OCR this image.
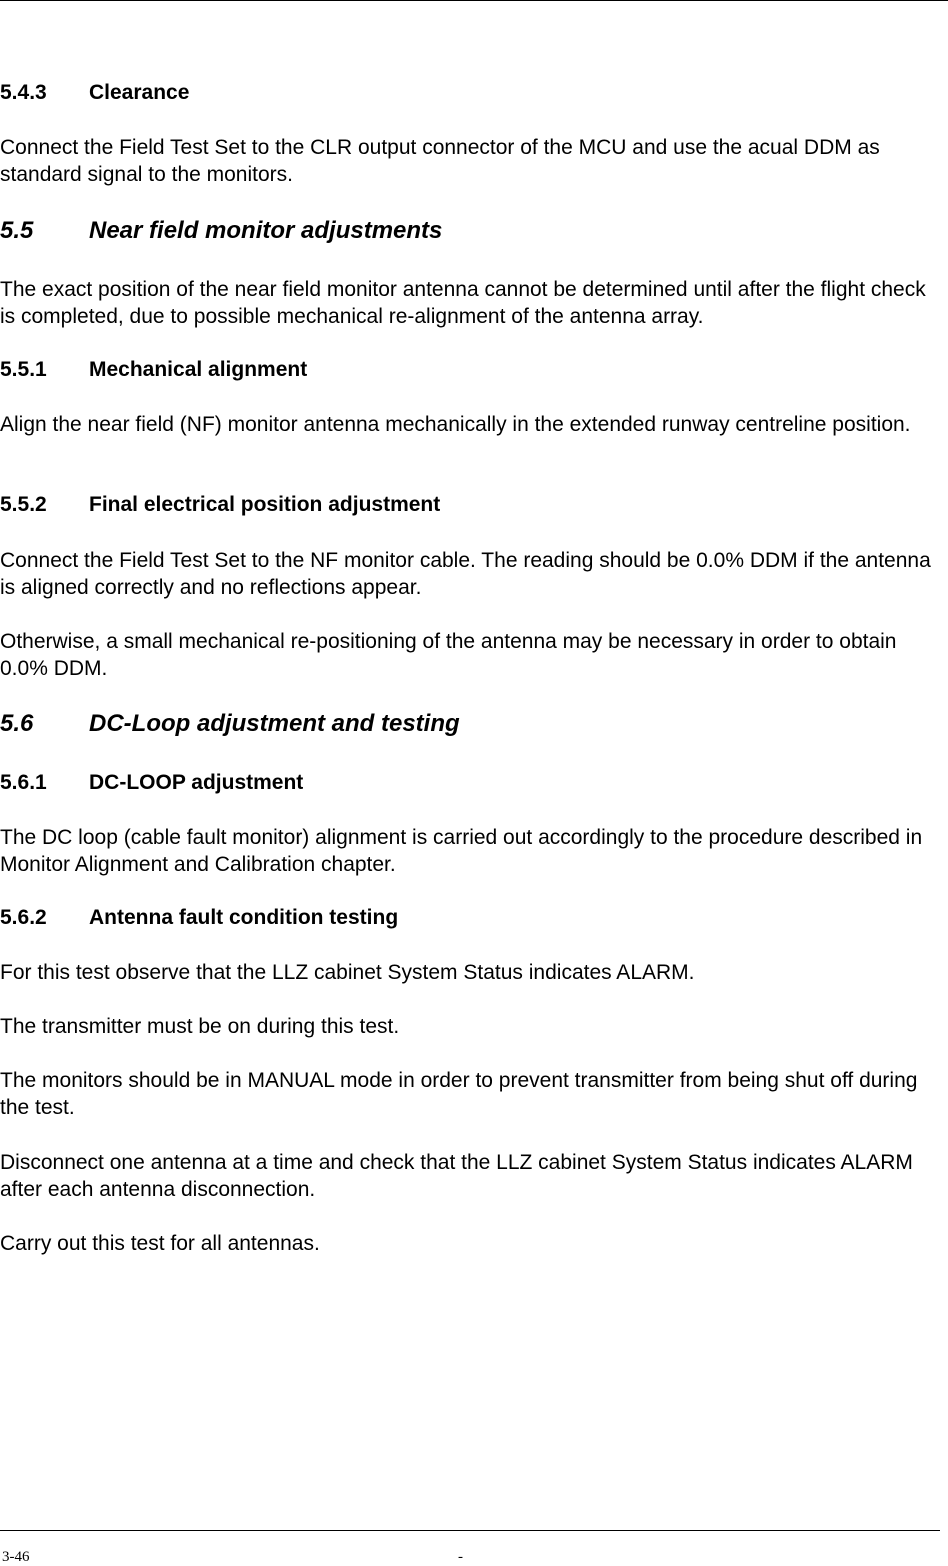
5.4.3 Clearance
Connect the Field Test Set to the CLR output connector of the MCU and use the acual DDM as standard signal to the monitors.
5.5 Near field monitor adjustments
The exact position of the near field monitor antenna cannot be determined until after the flight check is completed, due to possible mechanical re-alignment of the antenna array.
5.5.1 Mechanical alignment
Align the near field (NF) monitor antenna mechanically in the extended runway centreline position.
5.5.2 Final electrical position adjustment
Connect the Field Test Set to the NF monitor cable. The reading should be 0.0% DDM if the antenna is aligned correctly and no reflections appear.
Otherwise, a small mechanical re-positioning of the antenna may be necessary in order to obtain 0.0% DDM.
5.6 DC-Loop adjustment and testing
5.6.1 DC-LOOP adjustment
The DC loop (cable fault monitor) alignment is carried out accordingly to the procedure described in Monitor Alignment and Calibration chapter.
5.6.2 Antenna fault condition testing
For this test observe that the LLZ cabinet System Status indicates ALARM.
The transmitter must be on during this test.
The monitors should be in MANUAL mode in order to prevent transmitter from being shut off during the test.
Disconnect one antenna at a time and check that the LLZ cabinet System Status indicates ALARM after each antenna disconnection.
Carry out this test for all antennas.
3-46	-
